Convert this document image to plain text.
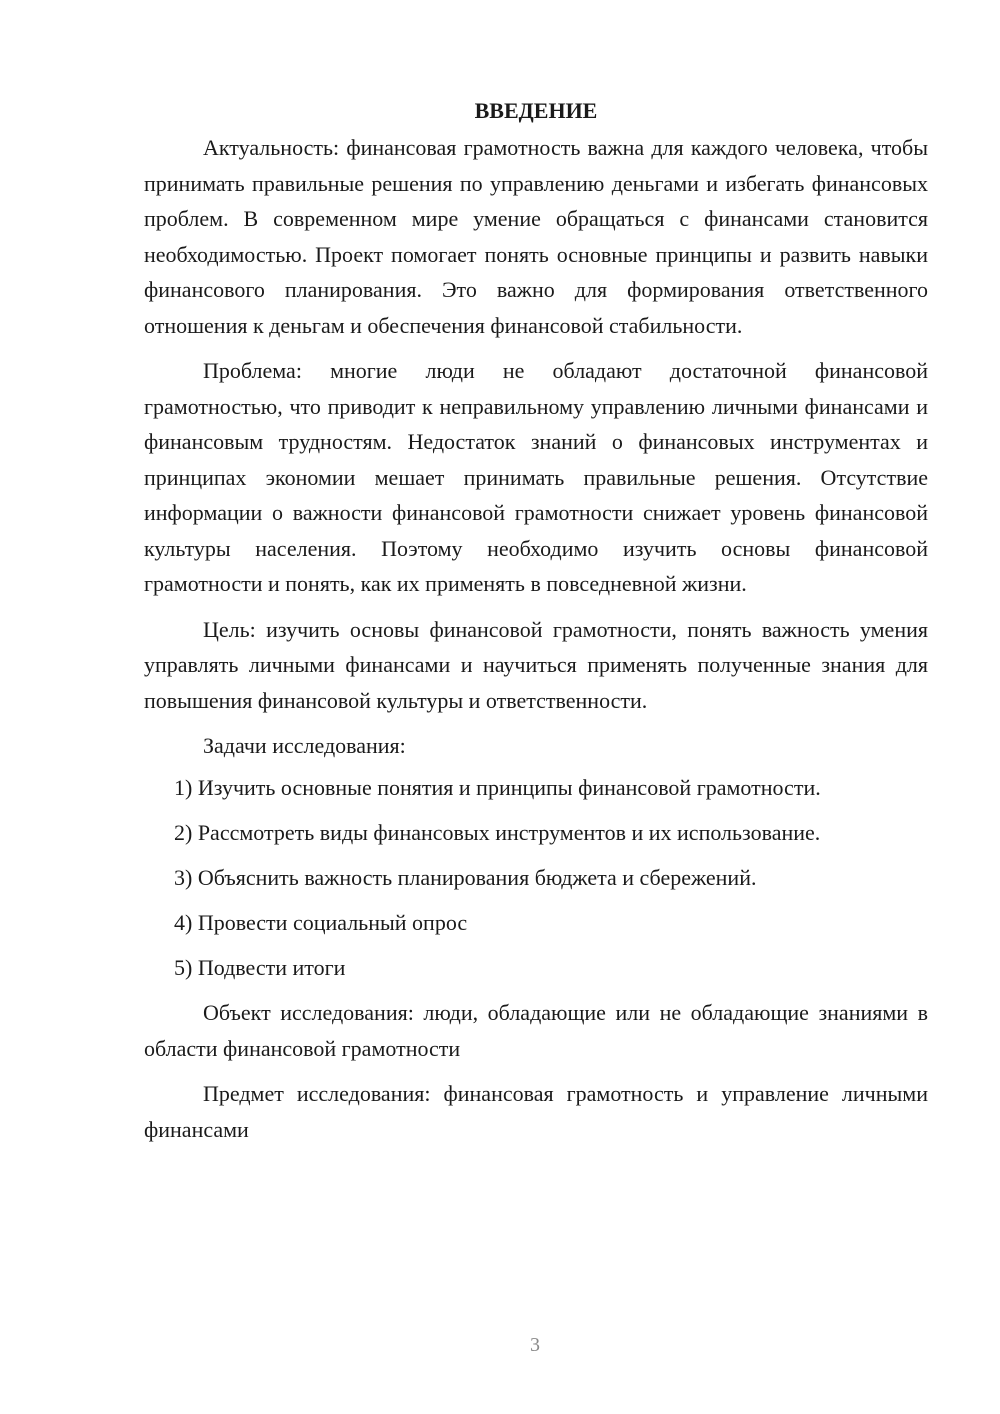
ВВЕДЕНИЕ

Актуальность: финансовая грамотность важна для каждого человека, чтобы принимать правильные решения по управлению деньгами и избегать финансовых проблем. В современном мире умение обращаться с финансами становится необходимостью. Проект помогает понять основные принципы и развить навыки финансового планирования. Это важно для формирования ответственного отношения к деньгам и обеспечения финансовой стабильности.

Проблема: многие люди не обладают достаточной финансовой грамотностью, что приводит к неправильному управлению личными финансами и финансовым трудностям. Недостаток знаний о финансовых инструментах и принципах экономии мешает принимать правильные решения. Отсутствие информации о важности финансовой грамотности снижает уровень финансовой культуры населения. Поэтому необходимо изучить основы финансовой грамотности и понять, как их применять в повседневной жизни.

Цель: изучить основы финансовой грамотности, понять важность умения управлять личными финансами и научиться применять полученные знания для повышения финансовой культуры и ответственности.

Задачи исследования:

1) Изучить основные понятия и принципы финансовой грамотности.
2) Рассмотреть виды финансовых инструментов и их использование.
3) Объяснить важность планирования бюджета и сбережений.
4) Провести социальный опрос
5) Подвести итоги

Объект исследования: люди, обладающие или не обладающие знаниями в области финансовой грамотности

Предмет исследования: финансовая грамотность и управление личными финансами

3
